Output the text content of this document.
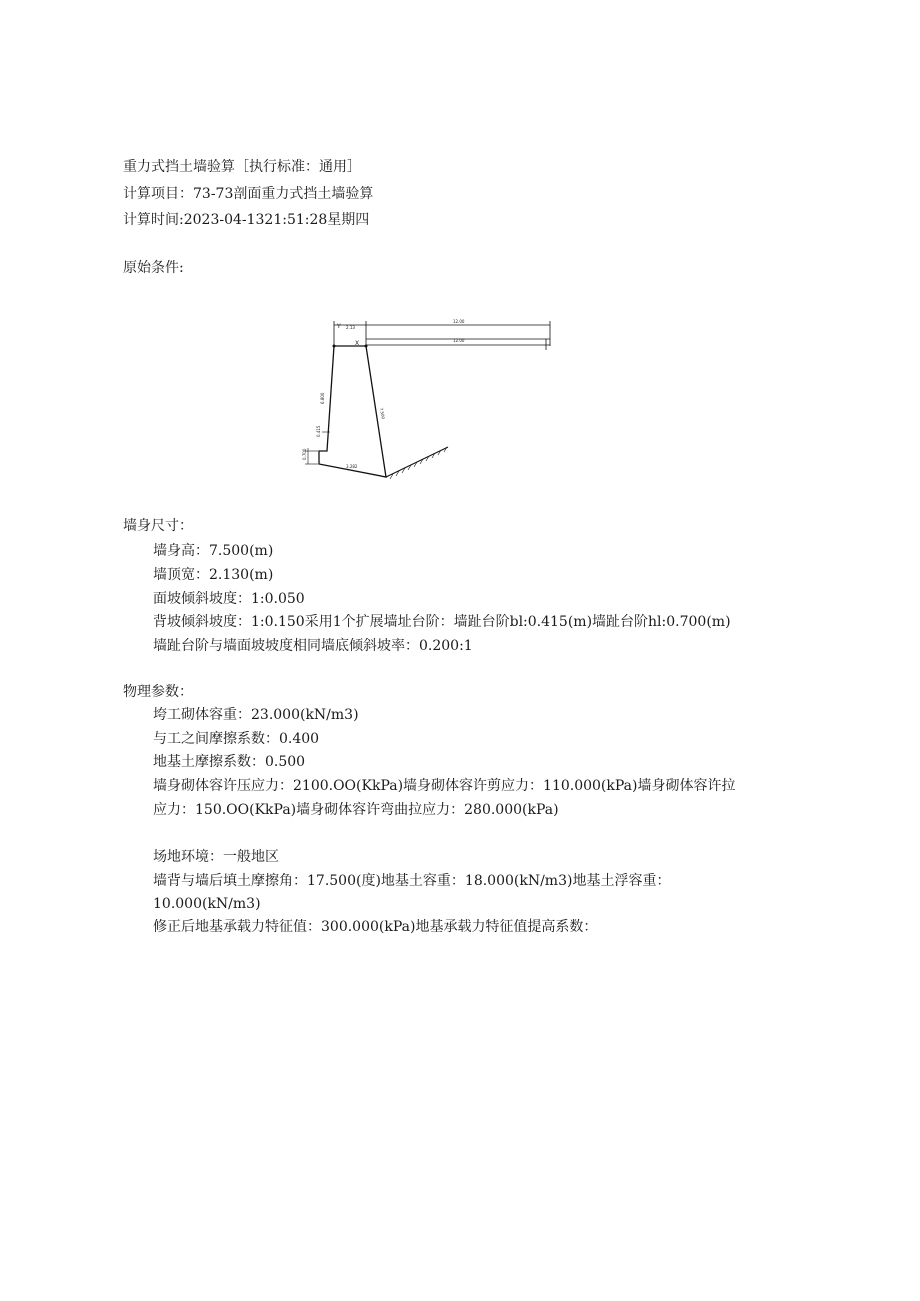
重力式挡土墙验算［执行标准：通用］
计算项目：73-73剖面重力式挡土墙验算
计算时间:2023-04-1321:51:28星期四
原始条件:
12.00
2.13
Y
12.00
X
6.800
7.500
0.700
0.415
3.282
墙身尺寸：
墙身高：7.500(m)
墙顶宽：2.130(m)
面坡倾斜坡度：1:0.050
背坡倾斜坡度：1:0.150采用1个扩展墙址台阶：墙趾台阶bl:0.415(m)墙趾台阶hl:0.700(m)
墙趾台阶与墙面坡坡度相同墙底倾斜坡率：0.200:1
物理参数：
垮工砌体容重：23.000(kN∕m3)
与工之间摩擦系数：0.400
地基土摩擦系数：0.500
墙身砌体容许压应力：2100.OO(KkPa)墙身砌体容许剪应力：110.000(kPa)墙身砌体容许拉
应力：150.OO(KkPa)墙身砌体容许弯曲拉应力：280.000(kPa)
场地环境：一般地区
墙背与墙后填土摩擦角：17.500(度)地基土容重：18.000(kN∕m3)地基土浮容重：
10.000(kN∕m3)
修正后地基承载力特征值：300.000(kPa)地基承载力特征值提高系数：
